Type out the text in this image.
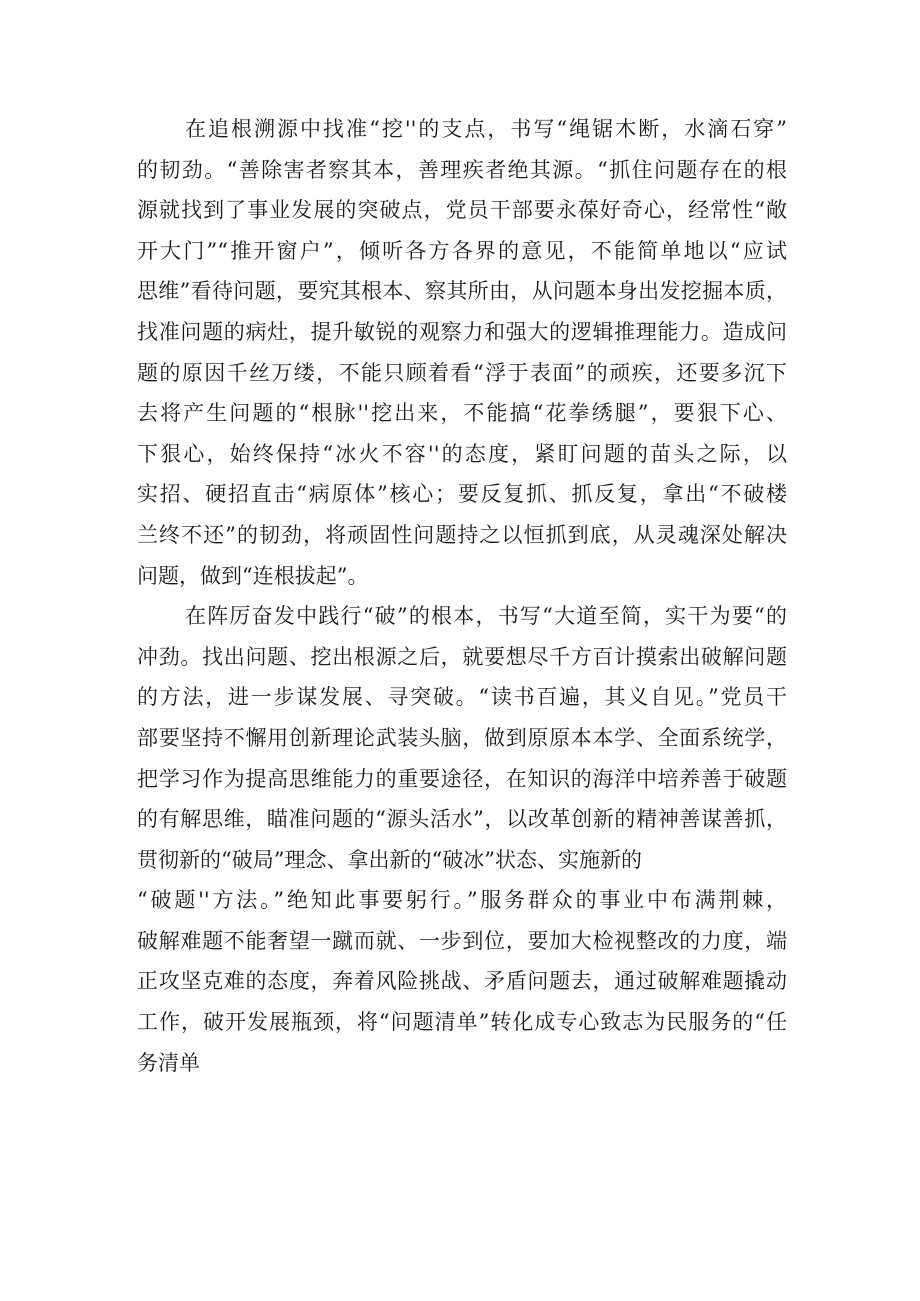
在追根溯源中找准“挖''的支点，书写“绳锯木断，水滴石穿”
的韧劲。“善除害者察其本，善理疾者绝其源。“抓住问题存在的根
源就找到了事业发展的突破点，党员干部要永葆好奇心，经常性“敞
开大门”“推开窗户”，倾听各方各界的意见，不能简单地以“应试
思维”看待问题，要究其根本、察其所由，从问题本身出发挖掘本质，
找准问题的病灶，提升敏锐的观察力和强大的逻辑推理能力。造成问
题的原因千丝万缕，不能只顾着看“浮于表面”的顽疾，还要多沉下
去将产生问题的“根脉''挖出来，不能搞“花拳绣腿”，要狠下心、
下狠心，始终保持“冰火不容''的态度，紧盯问题的苗头之际，以
实招、硬招直击“病原体”核心；要反复抓、抓反复，拿出“不破楼
兰终不还”的韧劲，将顽固性问题持之以恒抓到底，从灵魂深处解决
问题，做到“连根拔起”。
在阵厉奋发中践行“破”的根本，书写“大道至简，实干为要“的
冲劲。找出问题、挖出根源之后，就要想尽千方百计摸索出破解问题
的方法，进一步谋发展、寻突破。“读书百遍，其义自见。”党员干
部要坚持不懈用创新理论武装头脑，做到原原本本学、全面系统学，
把学习作为提高思维能力的重要途径，在知识的海洋中培养善于破题
的有解思维，瞄准问题的“源头活水”，以改革创新的精神善谋善抓，
贯彻新的“破局”理念、拿出新的“破冰”状态、实施新的
“破题''方法。”绝知此事要躬行。”服务群众的事业中布满荆棘，
破解难题不能奢望一蹴而就、一步到位，要加大检视整改的力度，端
正攻坚克难的态度，奔着风险挑战、矛盾问题去，通过破解难题撬动
工作，破开发展瓶颈，将“问题清单”转化成专心致志为民服务的“任
务清单
